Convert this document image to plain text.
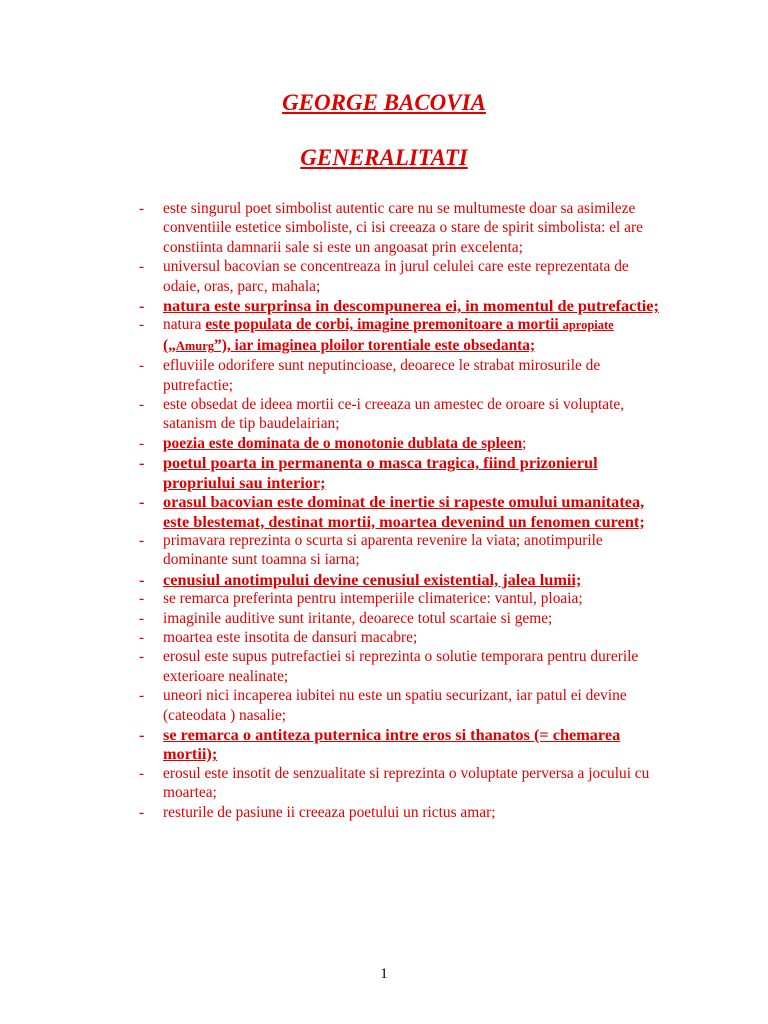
GEORGE BACOVIA
GENERALITATI
- este singurul poet simbolist autentic care nu se multumeste doar sa asimileze conventiile estetice simboliste, ci isi creeaza o stare de spirit simbolista: el are constiinta damnarii sale si este un angoasat prin excelenta;
- universul bacovian se concentreaza in jurul celulei care este reprezentata de odaie, oras, parc, mahala;
- natura este surprinsa in descompunerea ei, in momentul de putrefactie;
- natura este populata de corbi, imagine premonitoare a mortii apropiate („Amurg”), iar imaginea ploilor torentiale este obsedanta;
- efluviile odorifere sunt neputincioase, deoarece le strabat mirosurile de putrefactie;
- este obsedat de ideea mortii ce-i creeaza un amestec de oroare si voluptate, satanism de tip baudelairian;
- poezia este dominata de o monotonie dublata de spleen;
- poetul poarta in permanenta o masca tragica, fiind prizonierul propriului sau interior;
- orasul bacovian este dominat de inertie si rapeste omului umanitatea, este blestemat, destinat mortii, moartea devenind un fenomen curent;
- primavara reprezinta o scurta si aparenta revenire la viata; anotimpurile dominante sunt toamna si iarna;
- cenusiul anotimpului devine cenusiul existential, jalea lumii;
- se remarca preferinta pentru intemperiile climaterice: vantul, ploaia;
- imaginile auditive sunt iritante, deoarece totul scartaie si geme;
- moartea este insotita de dansuri macabre;
- erosul este supus putrefactiei si reprezinta o solutie temporara pentru durerile exterioare nealinate;
- uneori nici incaperea iubitei nu este un spatiu securizant, iar patul ei devine (cateodata ) nasalie;
- se remarca o antiteza puternica intre eros si thanatos (= chemarea mortii);
- erosul este insotit de senzualitate si reprezinta o voluptate perversa a jocului cu moartea;
- resturile de pasiune ii creeaza poetului un rictus amar;
1
